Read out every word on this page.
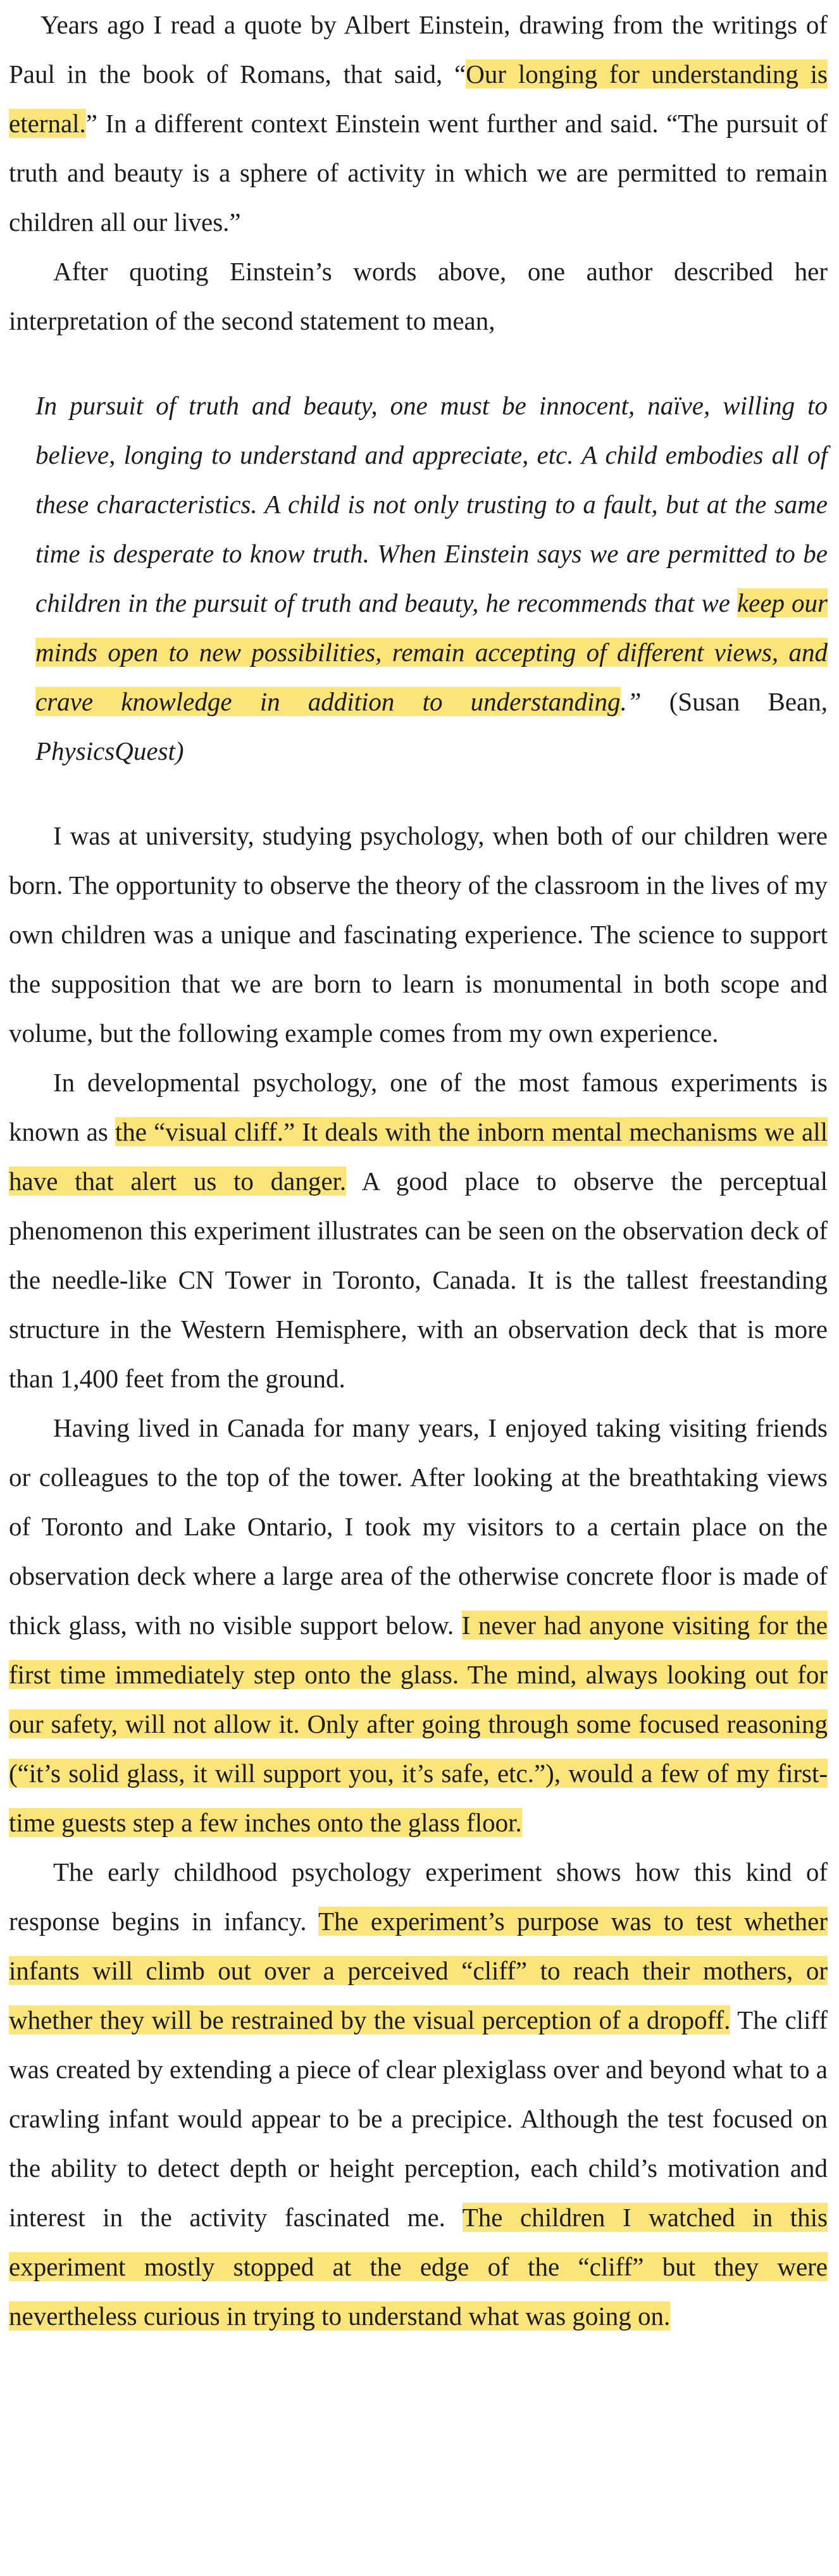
Years ago I read a quote by Albert Einstein, drawing from the writings of Paul in the book of Romans, that said, “Our longing for understanding is eternal.” In a different context Einstein went further and said. “The pursuit of truth and beauty is a sphere of activity in which we are permitted to remain children all our lives.”

After quoting Einstein’s words above, one author described her interpretation of the second statement to mean,

In pursuit of truth and beauty, one must be innocent, naïve, willing to believe, longing to understand and appreciate, etc. A child embodies all of these characteristics. A child is not only trusting to a fault, but at the same time is desperate to know truth. When Einstein says we are permitted to be children in the pursuit of truth and beauty, he recommends that we keep our minds open to new possibilities, remain accepting of different views, and crave knowledge in addition to understanding.” (Susan Bean, PhysicsQuest)

I was at university, studying psychology, when both of our children were born. The opportunity to observe the theory of the classroom in the lives of my own children was a unique and fascinating experience. The science to support the supposition that we are born to learn is monumental in both scope and volume, but the following example comes from my own experience.

In developmental psychology, one of the most famous experiments is known as the “visual cliff.” It deals with the inborn mental mechanisms we all have that alert us to danger. A good place to observe the perceptual phenomenon this experiment illustrates can be seen on the observation deck of the needle-like CN Tower in Toronto, Canada. It is the tallest freestanding structure in the Western Hemisphere, with an observation deck that is more than 1,400 feet from the ground.

Having lived in Canada for many years, I enjoyed taking visiting friends or colleagues to the top of the tower. After looking at the breathtaking views of Toronto and Lake Ontario, I took my visitors to a certain place on the observation deck where a large area of the otherwise concrete floor is made of thick glass, with no visible support below. I never had anyone visiting for the first time immediately step onto the glass. The mind, always looking out for our safety, will not allow it. Only after going through some focused reasoning (“it’s solid glass, it will support you, it’s safe, etc.”), would a few of my first-time guests step a few inches onto the glass floor.

The early childhood psychology experiment shows how this kind of response begins in infancy. The experiment’s purpose was to test whether infants will climb out over a perceived “cliff” to reach their mothers, or whether they will be restrained by the visual perception of a dropoff. The cliff was created by extending a piece of clear plexiglass over and beyond what to a crawling infant would appear to be a precipice. Although the test focused on the ability to detect depth or height perception, each child’s motivation and interest in the activity fascinated me. The children I watched in this experiment mostly stopped at the edge of the “cliff” but they were nevertheless curious in trying to understand what was going on.
